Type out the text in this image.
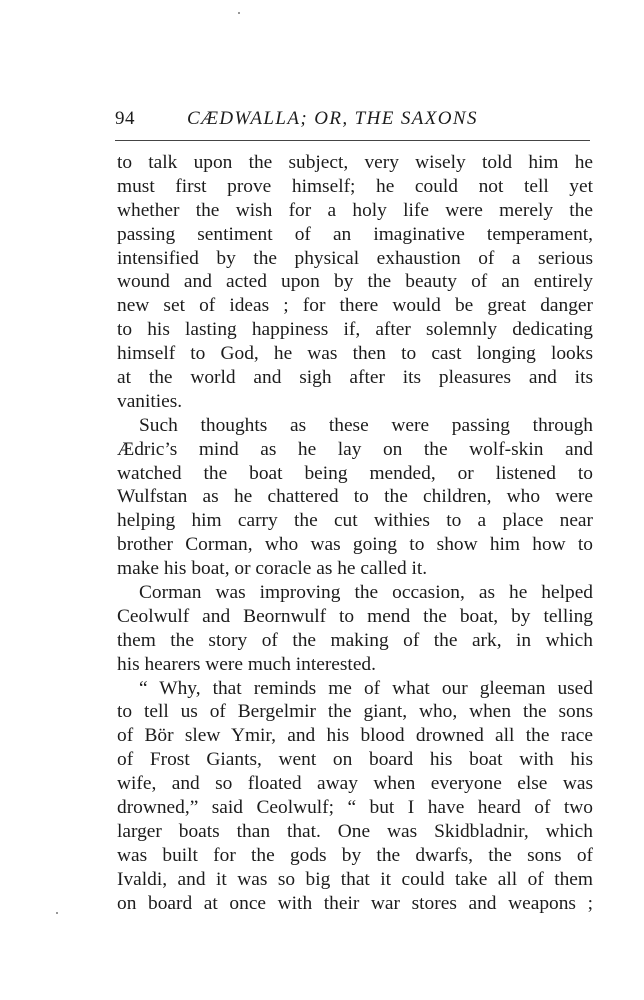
94	CÆDWALLA; OR, THE SAXONS

to talk upon the subject, very wisely told him he
must first prove himself; he could not tell yet
whether the wish for a holy life were merely the
passing sentiment of an imaginative temperament,
intensified by the physical exhaustion of a serious
wound and acted upon by the beauty of an entirely
new set of ideas ; for there would be great danger
to his lasting happiness if, after solemnly dedicating
himself to God, he was then to cast longing looks
at the world and sigh after its pleasures and its
vanities.

Such thoughts as these were passing through
Ædric’s mind as he lay on the wolf-skin and
watched the boat being mended, or listened to
Wulfstan as he chattered to the children, who were
helping him carry the cut withies to a place near
brother Corman, who was going to show him how to
make his boat, or coracle as he called it.

Corman was improving the occasion, as he helped
Ceolwulf and Beornwulf to mend the boat, by telling
them the story of the making of the ark, in which
his hearers were much interested.

“ Why, that reminds me of what our gleeman used
to tell us of Bergelmir the giant, who, when the sons
of Bör slew Ymir, and his blood drowned all the race
of Frost Giants, went on board his boat with his
wife, and so floated away when everyone else was
drowned,” said Ceolwulf; “ but I have heard of two
larger boats than that. One was Skidbladnir, which
was built for the gods by the dwarfs, the sons of
Ivaldi, and it was so big that it could take all of them
on board at once with their war stores and weapons ;
